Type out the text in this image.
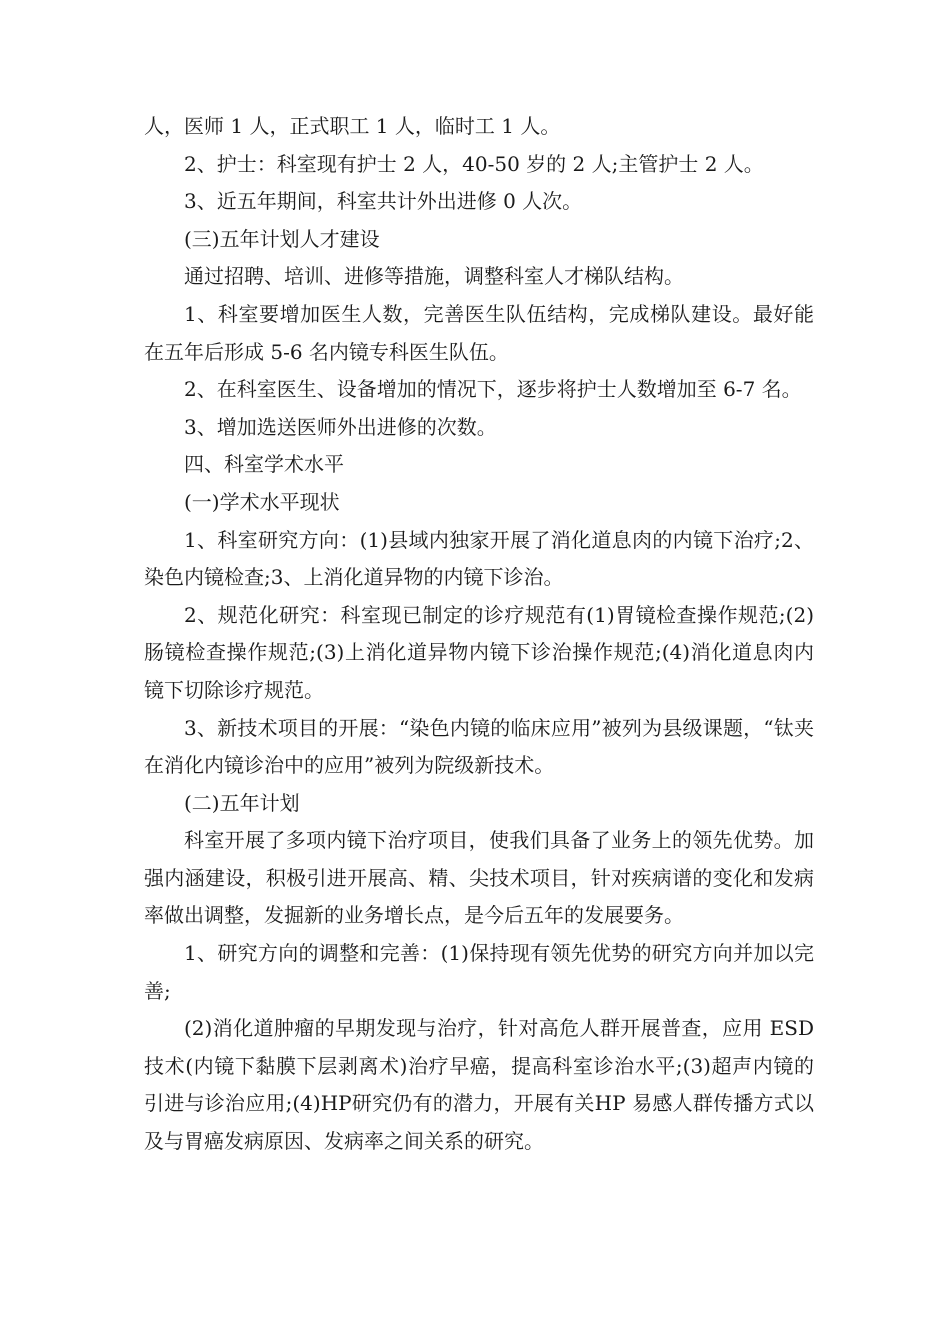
人，医师 1 人，正式职工 1 人，临时工 1 人。

2、护士：科室现有护士 2 人，40-50 岁的 2 人;主管护士 2 人。

3、近五年期间，科室共计外出进修 0 人次。

(三)五年计划人才建设

通过招聘、培训、进修等措施，调整科室人才梯队结构。

1、科室要增加医生人数，完善医生队伍结构，完成梯队建设。最好能在五年后形成 5-6 名内镜专科医生队伍。

2、在科室医生、设备增加的情况下，逐步将护士人数增加至 6-7 名。

3、增加选送医师外出进修的次数。

四、科室学术水平

(一)学术水平现状

1、科室研究方向：(1)县域内独家开展了消化道息肉的内镜下治疗;2、染色内镜检查;3、上消化道异物的内镜下诊治。

2、规范化研究：科室现已制定的诊疗规范有(1)胃镜检查操作规范;(2)肠镜检查操作规范;(3)上消化道异物内镜下诊治操作规范;(4)消化道息肉内镜下切除诊疗规范。

3、新技术项目的开展：“染色内镜的临床应用”被列为县级课题，“钛夹在消化内镜诊治中的应用”被列为院级新技术。

(二)五年计划

科室开展了多项内镜下治疗项目，使我们具备了业务上的领先优势。加强内涵建设，积极引进开展高、精、尖技术项目，针对疾病谱的变化和发病率做出调整，发掘新的业务增长点，是今后五年的发展要务。

1、研究方向的调整和完善：(1)保持现有领先优势的研究方向并加以完善;

(2)消化道肿瘤的早期发现与治疗，针对高危人群开展普查，应用 ESD 技术(内镜下黏膜下层剥离术)治疗早癌，提高科室诊治水平;(3)超声内镜的引进与诊治应用;(4)HP研究仍有的潜力，开展有关HP 易感人群传播方式以及与胃癌发病原因、发病率之间关系的研究。
